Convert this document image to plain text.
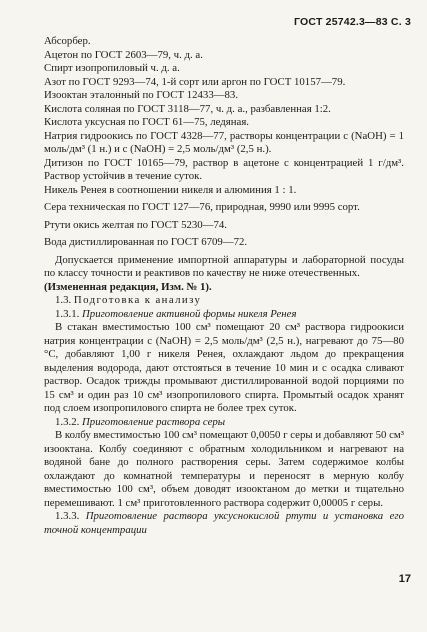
ГОСТ 25742.3—83 С. 3

Абсорбер.

Ацетон по ГОСТ 2603—79, ч. д. а.

Спирт изопропиловый ч. д. а.

Азот по ГОСТ 9293—74, 1-й сорт или аргон по ГОСТ 10157—79.

Изооктан эталонный по ГОСТ 12433—83.

Кислота соляная по ГОСТ 3118—77, ч. д. а., разбавленная 1:2.

Кислота уксусная по ГОСТ 61—75, ледяная.

Натрия гидроокись по ГОСТ 4328—77, растворы концентрации c (NaOH) = 1 моль/дм³ (1 н.) и c (NaOH) = 2,5 моль/дм³ (2,5 н.).

Дитизон по ГОСТ 10165—79, раствор в ацетоне с концентрацией 1 г/дм³. Раствор устойчив в течение суток.

Никель Ренея в соотношении никеля и алюминия 1 : 1.

Сера техническая по ГОСТ 127—76, природная, 9990 или 9995 сорт.

Ртути окись желтая по ГОСТ 5230—74.

Вода дистиллированная по ГОСТ 6709—72.

Допускается применение импортной аппаратуры и лабораторной посуды по классу точности и реактивов по качеству не ниже отечественных.

(Измененная редакция, Изм. № 1).

1.3. Подготовка к анализу

1.3.1. Приготовление активной формы никеля Ренея

В стакан вместимостью 100 см³ помещают 20 см³ раствора гидроокиси натрия концентрации c (NaOH) = 2,5 моль/дм³ (2,5 н.), нагревают до 75—80 °С, добавляют 1,00 г никеля Ренея, охлаждают льдом до прекращения выделения водорода, дают отстояться в течение 10 мин и с осадка сливают раствор. Осадок трижды промывают дистиллированной водой порциями по 15 см³ и один раз 10 см³ изопропилового спирта. Промытый осадок хранят под слоем изопропилового спирта не более трех суток.

1.3.2. Приготовление раствора серы

В колбу вместимостью 100 см³ помещают 0,0050 г серы и добавляют 50 см³ изооктана. Колбу соединяют с обратным холодильником и нагревают на водяной бане до полного растворения серы. Затем содержимое колбы охлаждают до комнатной температуры и переносят в мерную колбу вместимостью 100 см³, объем доводят изооктаном до метки и тщательно перемешивают. 1 см³ приготовленного раствора содержит 0,00005 г серы.

1.3.3. Приготовление раствора уксуснокислой ртути и установка его точной концентрации

17
